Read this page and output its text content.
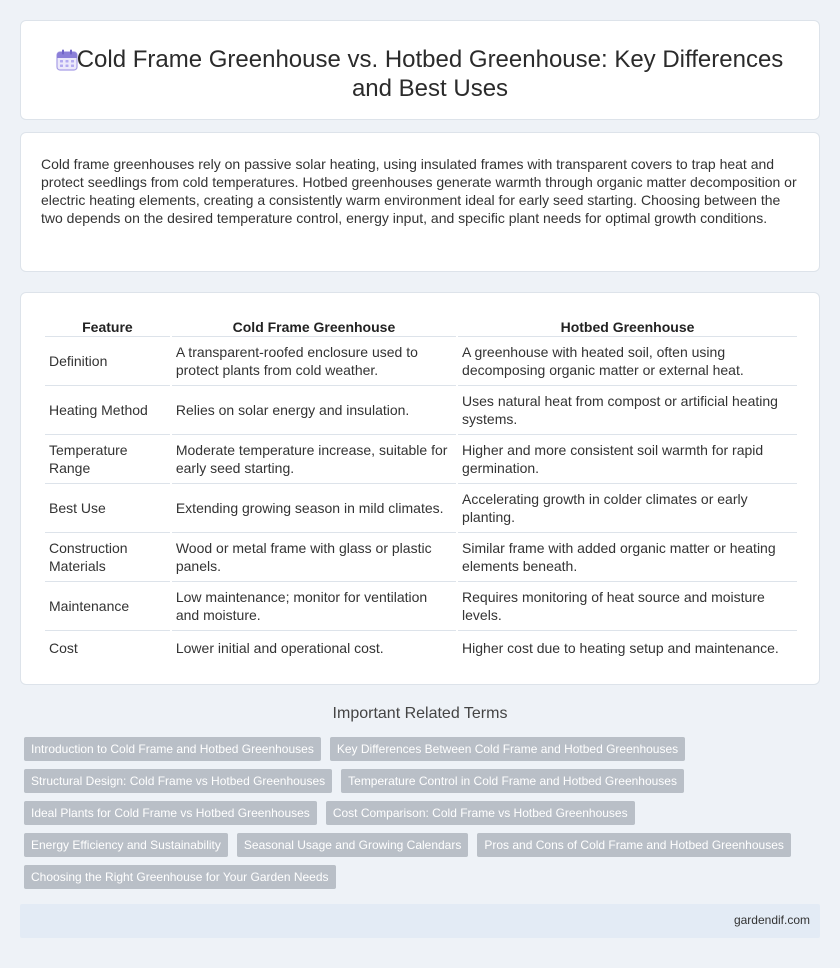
Cold Frame Greenhouse vs. Hotbed Greenhouse: Key Differences and Best Uses

Cold frame greenhouses rely on passive solar heating, using insulated frames with transparent covers to trap heat and protect seedlings from cold temperatures. Hotbed greenhouses generate warmth through organic matter decomposition or electric heating elements, creating a consistently warm environment ideal for early seed starting. Choosing between the two depends on the desired temperature control, energy input, and specific plant needs for optimal growth conditions.

Feature	Cold Frame Greenhouse	Hotbed Greenhouse
Definition	A transparent-roofed enclosure used to protect plants from cold weather.	A greenhouse with heated soil, often using decomposing organic matter or external heat.
Heating Method	Relies on solar energy and insulation.	Uses natural heat from compost or artificial heating systems.
Temperature Range	Moderate temperature increase, suitable for early seed starting.	Higher and more consistent soil warmth for rapid germination.
Best Use	Extending growing season in mild climates.	Accelerating growth in colder climates or early planting.
Construction Materials	Wood or metal frame with glass or plastic panels.	Similar frame with added organic matter or heating elements beneath.
Maintenance	Low maintenance; monitor for ventilation and moisture.	Requires monitoring of heat source and moisture levels.
Cost	Lower initial and operational cost.	Higher cost due to heating setup and maintenance.
Important Related Terms
Introduction to Cold Frame and Hotbed Greenhouses	Key Differences Between Cold Frame and Hotbed Greenhouses
Structural Design: Cold Frame vs Hotbed Greenhouses	Temperature Control in Cold Frame and Hotbed Greenhouses
Ideal Plants for Cold Frame vs Hotbed Greenhouses	Cost Comparison: Cold Frame vs Hotbed Greenhouses
Energy Efficiency and Sustainability	Seasonal Usage and Growing Calendars	Pros and Cons of Cold Frame and Hotbed Greenhouses
Choosing the Right Greenhouse for Your Garden Needs
gardendif.com
